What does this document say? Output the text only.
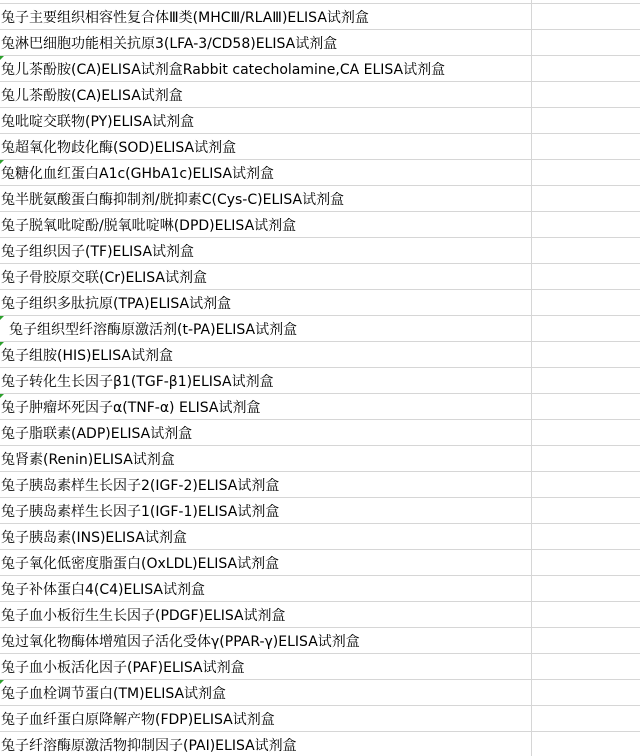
兔子主要组织相容性复合体Ⅲ类(MHCⅢ/RLAⅢ)ELISA试剂盒
兔淋巴细胞功能相关抗原3(LFA-3/CD58)ELISA试剂盒
兔儿茶酚胺(CA)ELISA试剂盒Rabbit catecholamine,CA ELISA试剂盒
兔儿茶酚胺(CA)ELISA试剂盒
兔吡啶交联物(PY)ELISA试剂盒
兔超氧化物歧化酶(SOD)ELISA试剂盒
兔糖化血红蛋白A1c(GHbA1c)ELISA试剂盒
兔半胱氨酸蛋白酶抑制剂/胱抑素C(Cys-C)ELISA试剂盒
兔子脱氧吡啶酚/脱氧吡啶啉(DPD)ELISA试剂盒
兔子组织因子(TF)ELISA试剂盒
兔子骨胶原交联(Cr)ELISA试剂盒
兔子组织多肽抗原(TPA)ELISA试剂盒
兔子组织型纤溶酶原激活剂(t-PA)ELISA试剂盒
兔子组胺(HIS)ELISA试剂盒
兔子转化生长因子β1(TGF-β1)ELISA试剂盒
兔子肿瘤坏死因子α(TNF-α) ELISA试剂盒
兔子脂联素(ADP)ELISA试剂盒
兔肾素(Renin)ELISA试剂盒
兔子胰岛素样生长因子2(IGF-2)ELISA试剂盒
兔子胰岛素样生长因子1(IGF-1)ELISA试剂盒
兔子胰岛素(INS)ELISA试剂盒
兔子氧化低密度脂蛋白(OxLDL)ELISA试剂盒
兔子补体蛋白4(C4)ELISA试剂盒
兔子血小板衍生生长因子(PDGF)ELISA试剂盒
兔过氧化物酶体增殖因子活化受体γ(PPAR-γ)ELISA试剂盒
兔子血小板活化因子(PAF)ELISA试剂盒
兔子血栓调节蛋白(TM)ELISA试剂盒
兔子血纤蛋白原降解产物(FDP)ELISA试剂盒
兔子纤溶酶原激活物抑制因子(PAI)ELISA试剂盒
